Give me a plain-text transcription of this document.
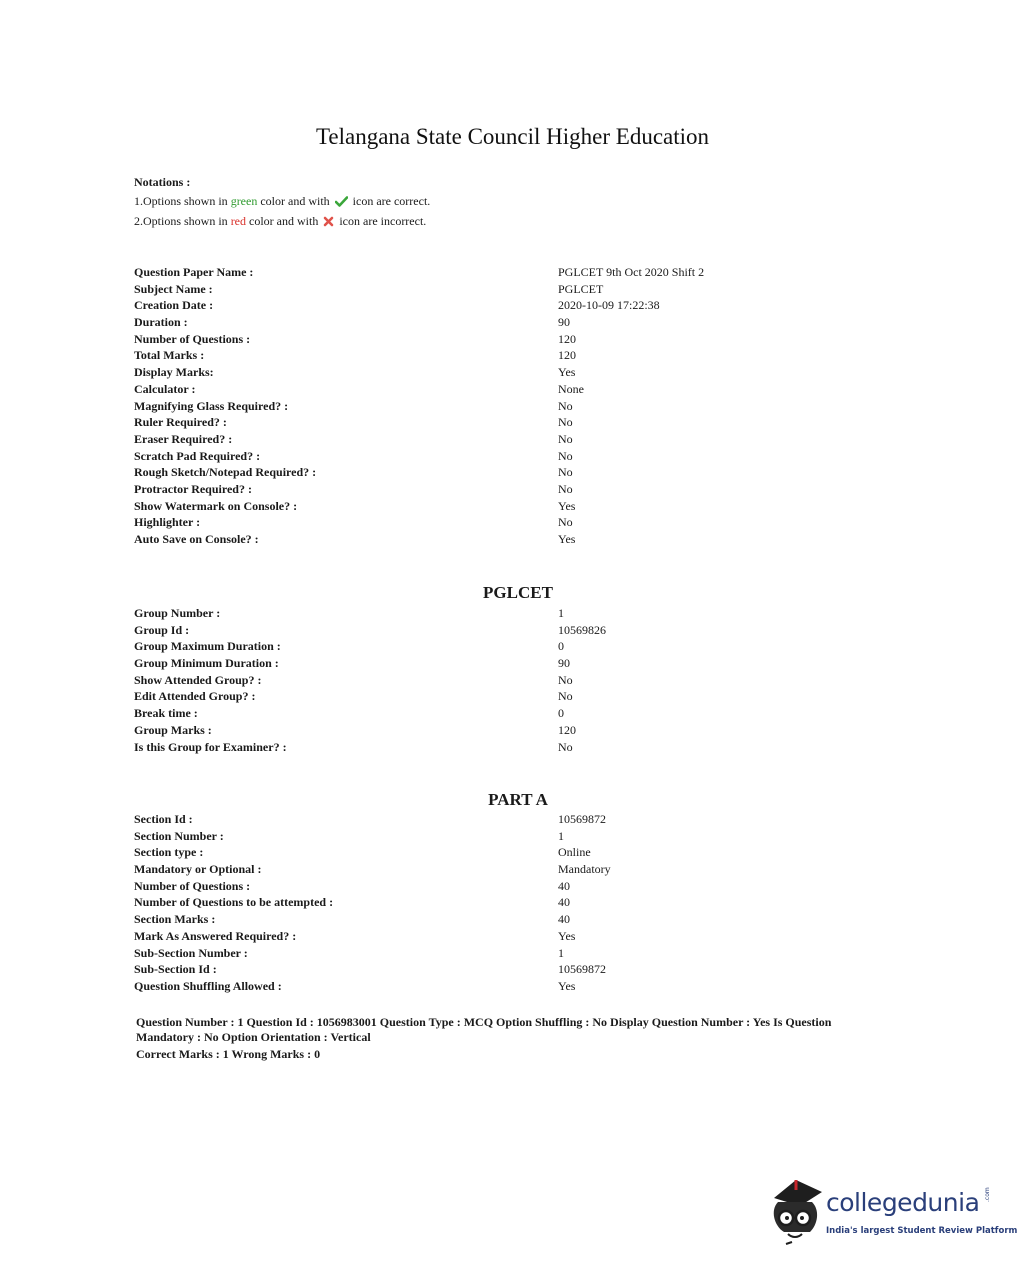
Telangana State Council Higher Education
Notations :
1.Options shown in green color and with  icon are correct.
2.Options shown in red color and with  icon are incorrect.
Question Paper Name :	PGLCET 9th Oct 2020 Shift 2
Subject Name :	PGLCET
Creation Date :	2020-10-09 17:22:38
Duration :	90
Number of Questions :	120
Total Marks :	120
Display Marks:	Yes
Calculator :	None
Magnifying Glass Required? :	No
Ruler Required? :	No
Eraser Required? :	No
Scratch Pad Required? :	No
Rough Sketch/Notepad Required? :	No
Protractor Required? :	No
Show Watermark on Console? :	Yes
Highlighter :	No
Auto Save on Console? :	Yes
PGLCET
Group Number :	1
Group Id :	10569826
Group Maximum Duration :	0
Group Minimum Duration :	90
Show Attended Group? :	No
Edit Attended Group? :	No
Break time :	0
Group Marks :	120
Is this Group for Examiner? :	No
PART A
Section Id :	10569872
Section Number :	1
Section type :	Online
Mandatory or Optional :	Mandatory
Number of Questions :	40
Number of Questions to be attempted :	40
Section Marks :	40
Mark As Answered Required? :	Yes
Sub-Section Number :	1
Sub-Section Id :	10569872
Question Shuffling Allowed :	Yes
Question Number : 1 Question Id : 1056983001 Question Type : MCQ Option Shuffling : No Display Question Number : Yes Is Question
Mandatory : No Option Orientation : Vertical
Correct Marks : 1 Wrong Marks : 0
collegedunia .com
India's largest Student Review Platform
